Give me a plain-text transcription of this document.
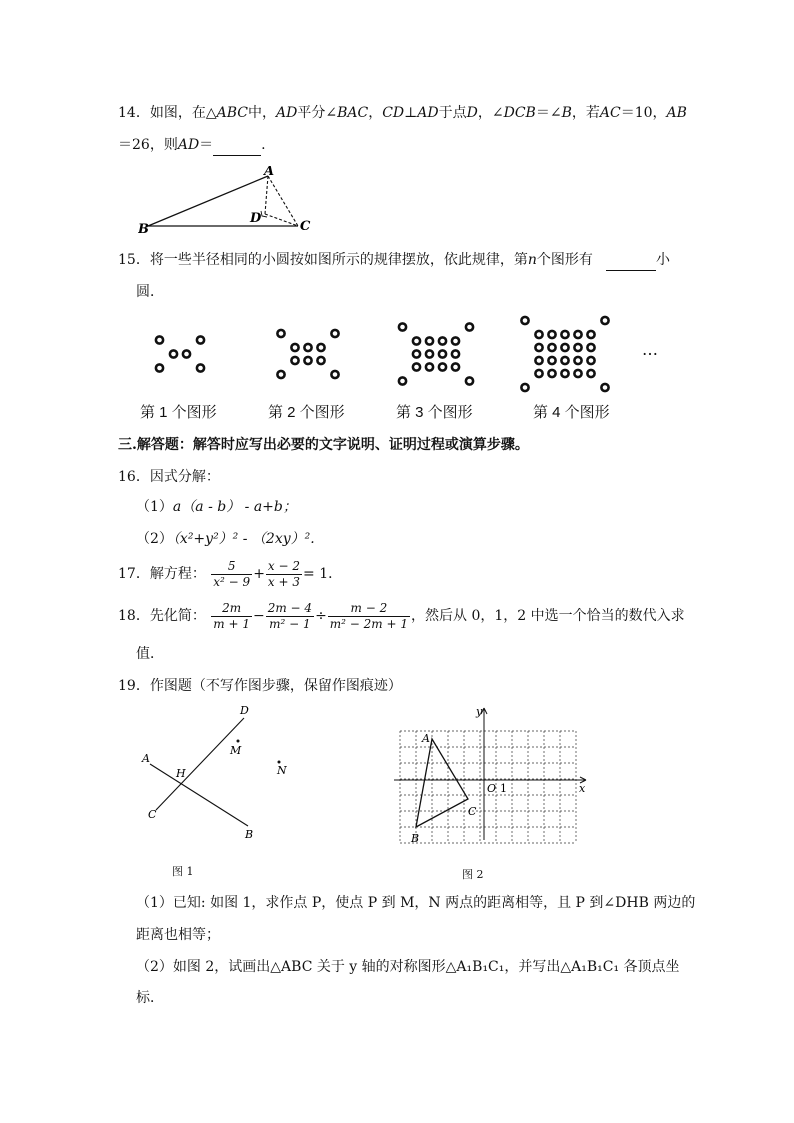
14．如图，在△ABC中，AD平分∠BAC，CD⊥AD于点D，∠DCB＝∠B，若AC＝10，AB
＝26，则AD＝	.
A
B	C
D
15．将一些半径相同的小圆按如图所示的规律摆放，依此规律，第n个图形有	小
圆．
…
第 1 个图形	第 2 个图形	第 3 个图形	第 4 个图形
三.解答题：解答时应写出必要的文字说明、证明过程或演算步骤。
16．因式分解：
（1）a（a - b） - a+b；
（2）（x²+y²）² - （2xy）².
17．解方程： $\frac{5}{\text{x² − 9}} + \frac{x - 2}{x + 3} = 1$．
18．先化简： $\frac{2m}{m + 1} - \frac{2m - 4}{\text{m² − 1}} \div \frac{m - 2}{\text{m² − 2m + 1}}$ ，然后从 0，1，2 中选一个恰当的数代入求
值．
19．作图题（不写作图步骤，保留作图痕迹）
D
A
H
M
N
C
B
图 1
A
B
C
O 1	x
y
图 2
（1）已知: 如图 1，求作点 P，使点 P 到 M，N 两点的距离相等，且 P 到∠DHB 两边的
距离也相等；
（2）如图 2，试画出△ABC 关于 y 轴的对称图形△A₁B₁C₁，并写出△A₁B₁C₁ 各顶点坐
标．
